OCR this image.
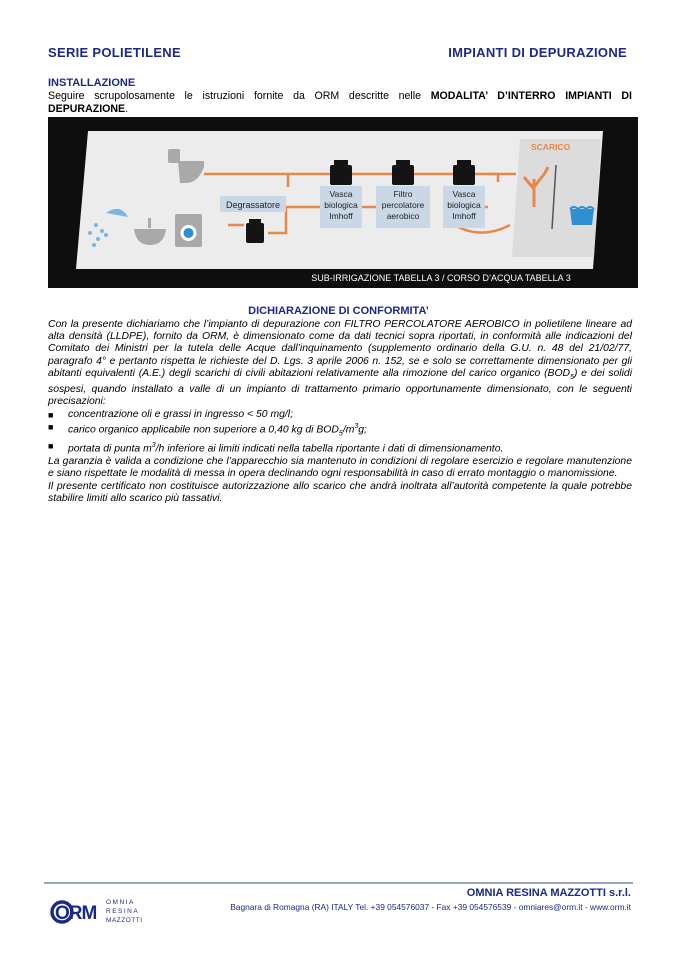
SERIE POLIETILENE	IMPIANTI DI DEPURAZIONE
INSTALLAZIONE
Seguire scrupolosamente le istruzioni fornite da ORM descritte nelle MODALITA’ D’INTERRO IMPIANTI DI DEPURAZIONE.
SCARICO
Degrassatore
Vasca
biologica
Imhoff
Filtro
percolatore
aerobico
Vasca
biologica
Imhoff
SUB-IRRIGAZIONE TABELLA 3 / CORSO D’ACQUA TABELLA 3
DICHIARAZIONE DI CONFORMITA’

Con la presente dichiariamo che l’impianto di depurazione con FILTRO PERCOLATORE AEROBICO in polietilene lineare ad alta densità (LLDPE), fornito da ORM, è dimensionato come da dati tecnici sopra riportati, in conformità alle indicazioni del Comitato dei Ministri per la tutela delle Acque dall’inquinamento (supplemento ordinario della G.U. n. 48 del 21/02/77, paragrafo 4° e pertanto rispetta le richieste del D. Lgs. 3 aprile 2006 n. 152, se e solo se correttamente dimensionato per gli abitanti equivalenti (A.E.) degli scarichi di civili abitazioni relativamente alla rimozione del carico organico $(BOD_5)$ e dei solidi sospesi, quando installato a valle di un impianto di trattamento primario opportunamente dimensionato, con le seguenti precisazioni:

■ concentrazione oli e grassi in ingresso < 50 mg/l;
■ carico organico applicabile non superiore a 0,40 kg di $BOD_5/m^3g$;
■ portata di punta $m^3/h$ inferiore ai limiti indicati nella tabella riportante i dati di dimensionamento.

La garanzia è valida a condizione che l’apparecchio sia mantenuto in condizioni di regolare esercizio e regolare manutenzione e siano rispettate le modalità di messa in opera declinando ogni responsabilità in caso di errato montaggio o manomissione.

Il presente certificato non costituisce autorizzazione allo scarico che andrà inoltrata all’autorità competente la quale potrebbe stabilire limiti allo scarico più tassativi.

ORM
OMNIA
RESINA
MAZZOTTI
OMNIA RESINA MAZZOTTI s.r.l.
Bagnara di Romagna (RA) ITALY Tel. +39 054576037 - Fax +39 054576539 - omniares@orm.it - www.orm.it
